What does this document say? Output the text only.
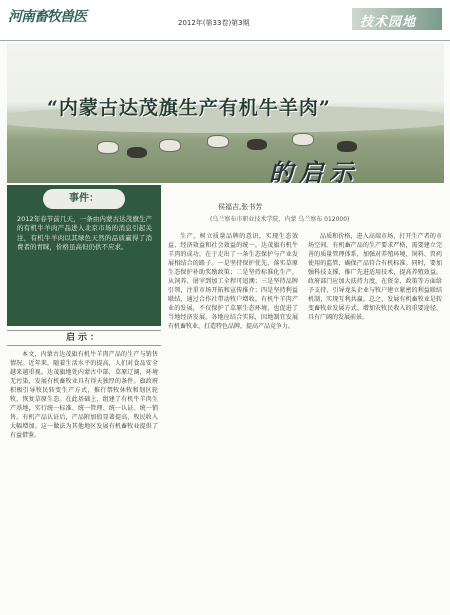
河南畜牧兽医	2012年(第33卷)第3期	技术园地
“内蒙古达茂旗生产有机牛羊肉”
的启示
事件：
2012年春节前几天，一条由内蒙古达茂旗生产的有机牛羊肉产品进入北京市场的消息引起关注，有机牛羊肉以其绿色天然的品质赢得了消费者的青睐，价格虽高但仍供不应求。
启示：
侯福吉,张书芳
(乌兰察布市职业技术学院，内蒙 乌兰察布 012000)

本文，内蒙古达茂旗有机牛羊肉产品的生产与销售情况。近年来，随着生活水平的提高，人们对食品安全越来越重视。达茂旗地处内蒙古中部，草原辽阔，环境无污染，发展有机畜牧业具有得天独厚的条件。旗政府积极引导牧民转变生产方式，推行禁牧休牧和划区轮牧，恢复草原生态。在此基础上，组建了有机牛羊肉生产基地，实行统一标准、统一管理、统一认证、统一销售。有机产品认证后，产品附加值显著提高，牧民收入大幅增加。这一做法为其他地区发展有机畜牧业提供了有益借鉴。

生产，树立质量品牌的意识，实现生态效益、经济效益和社会效益的统一。达茂旗有机牛羊肉的成功，在于走出了一条生态保护与产业发展相结合的路子。一是坚持保护优先，落实草原生态保护补助奖励政策；二是坚持标准化生产，从饲养、屠宰到加工全程可追溯；三是坚持品牌引领，注重市场开拓和宣传推介；四是坚持利益联结，通过合作社带动牧户增收。有机牛羊肉产业的发展，不仅保护了草原生态环境，也促进了当地经济发展。各地应结合实际，因地制宜发展有机畜牧业，打造特色品牌，提高产品竞争力。

品质和价格，进入高端市场，打开生产者的市场空间。有机畜产品的生产要求严格，需要建立完善的质量管理体系，加强对养殖环境、饲料、兽药使用的监管，确保产品符合有机标准。同时，要加强科技支撑，推广先进适用技术，提高养殖效益。政府部门应加大扶持力度，在资金、政策等方面给予支持，引导龙头企业与牧户建立紧密的利益联结机制，实现互利共赢。总之，发展有机畜牧业是转变畜牧业发展方式、增加农牧民收入的重要途径，具有广阔的发展前景。
